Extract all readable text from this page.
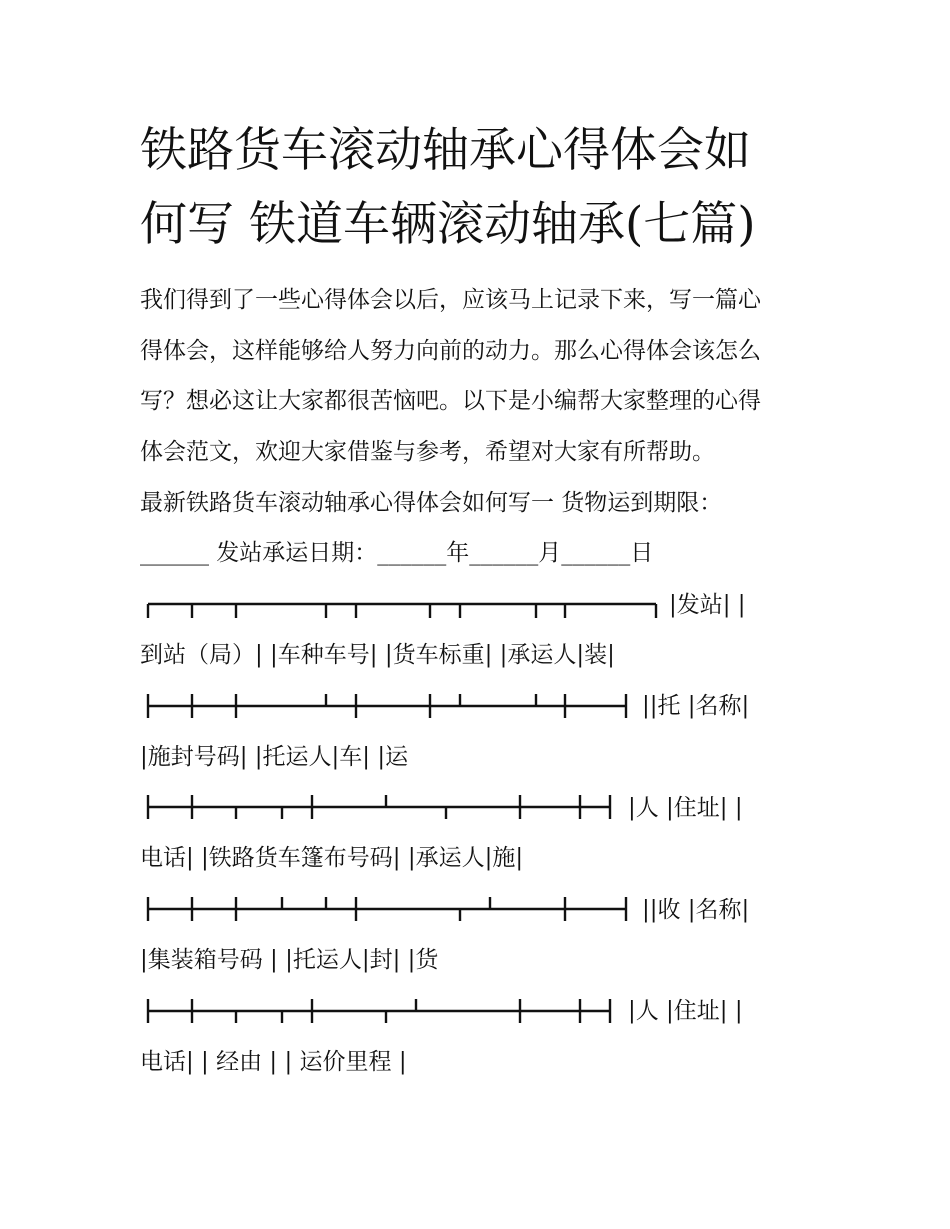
铁路货车滚动轴承心得体会如
何写 铁道车辆滚动轴承(七篇)
我们得到了一些心得体会以后，应该马上记录下来，写一篇心
得体会，这样能够给人努力向前的动力。那么心得体会该怎么
写？想必这让大家都很苦恼吧。以下是小编帮大家整理的心得
体会范文，欢迎大家借鉴与参考，希望对大家有所帮助。
最新铁路货车滚动轴承心得体会如何写一 货物运到期限：
______ 发站承运日期：______年______月______日
|发站| |
到站（局）| |车种车号| |货车标重| |承运人|装|
||托 |名称|
|施封号码| |托运人|车| |运
|人 |住址| |
电话| |铁路货车篷布号码| |承运人|施|
||收 |名称|
|集装箱号码 | |托运人|封| |货
|人 |住址| |
电话| | 经由 | | 运价里程 |
